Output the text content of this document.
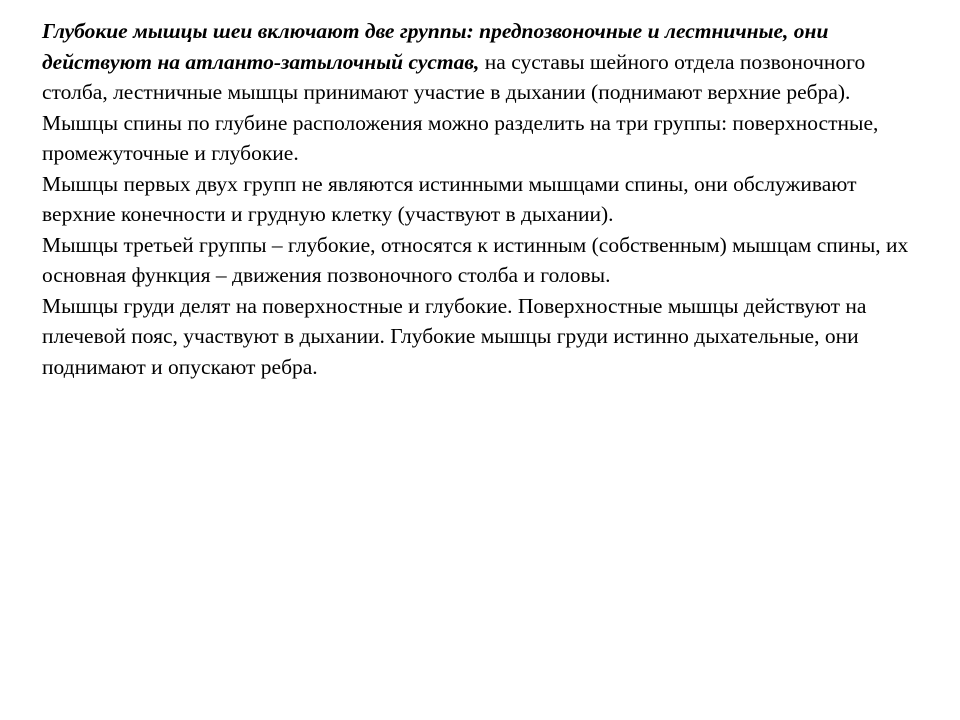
Глубокие мышцы шеи включают две группы: предпозвоночные и лестничные, они действуют на атланто-затылочный сустав, на суставы шейного отдела позвоночного столба, лестничные мышцы принимают участие в дыхании (поднимают верхние ребра).

Мышцы спины по глубине расположения можно разделить на три группы: поверхностные, промежуточные и глубокие.

Мышцы первых двух групп не являются истинными мышцами спины, они обслуживают верхние конечности и грудную клетку (участвуют в дыхании).

Мышцы третьей группы – глубокие, относятся к истинным (собственным) мышцам спины, их основная функция – движения позвоночного столба и головы.

Мышцы груди делят на поверхностные и глубокие. Поверхностные мышцы действуют на плечевой пояс, участвуют в дыхании. Глубокие мышцы груди истинно дыхательные, они поднимают и опускают ребра.
